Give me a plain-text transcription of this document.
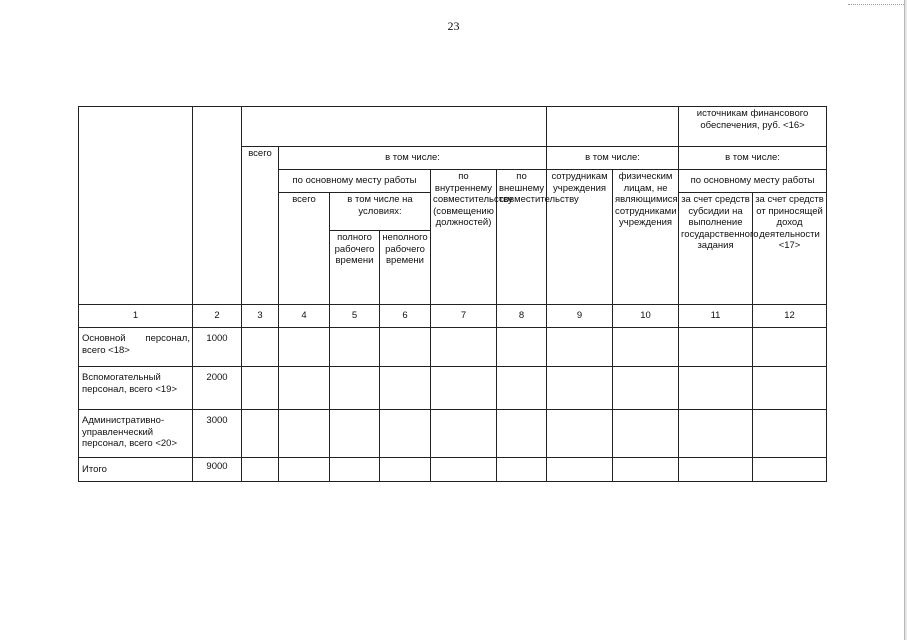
23
										источникам финансового обеспечения, руб. <16>	
		всего	в том числе:					в том числе:		в том числе:	
			по основному месту работы			по внутреннему совместительству (совмещению должностей)	по внешнему совместительству	сотрудникам учреждения	физическим лицам, не являющимися сотрудниками учреждения	по основному месту работы	
			всего	в том числе на условиях:						за счет средств субсидии на выполнение государственного задания	за счет средств от приносящей доход деятельности <17>
				полного рабочего времени	неполного рабочего времени						
1	2	3	4	5	6	7	8	9	10	11	12

Основной персонал, всего <18>	1000										
Вспомогательный персонал, всего <19>	2000										
Административно-управленческий персонал, всего <20>	3000										
Итого	9000										
